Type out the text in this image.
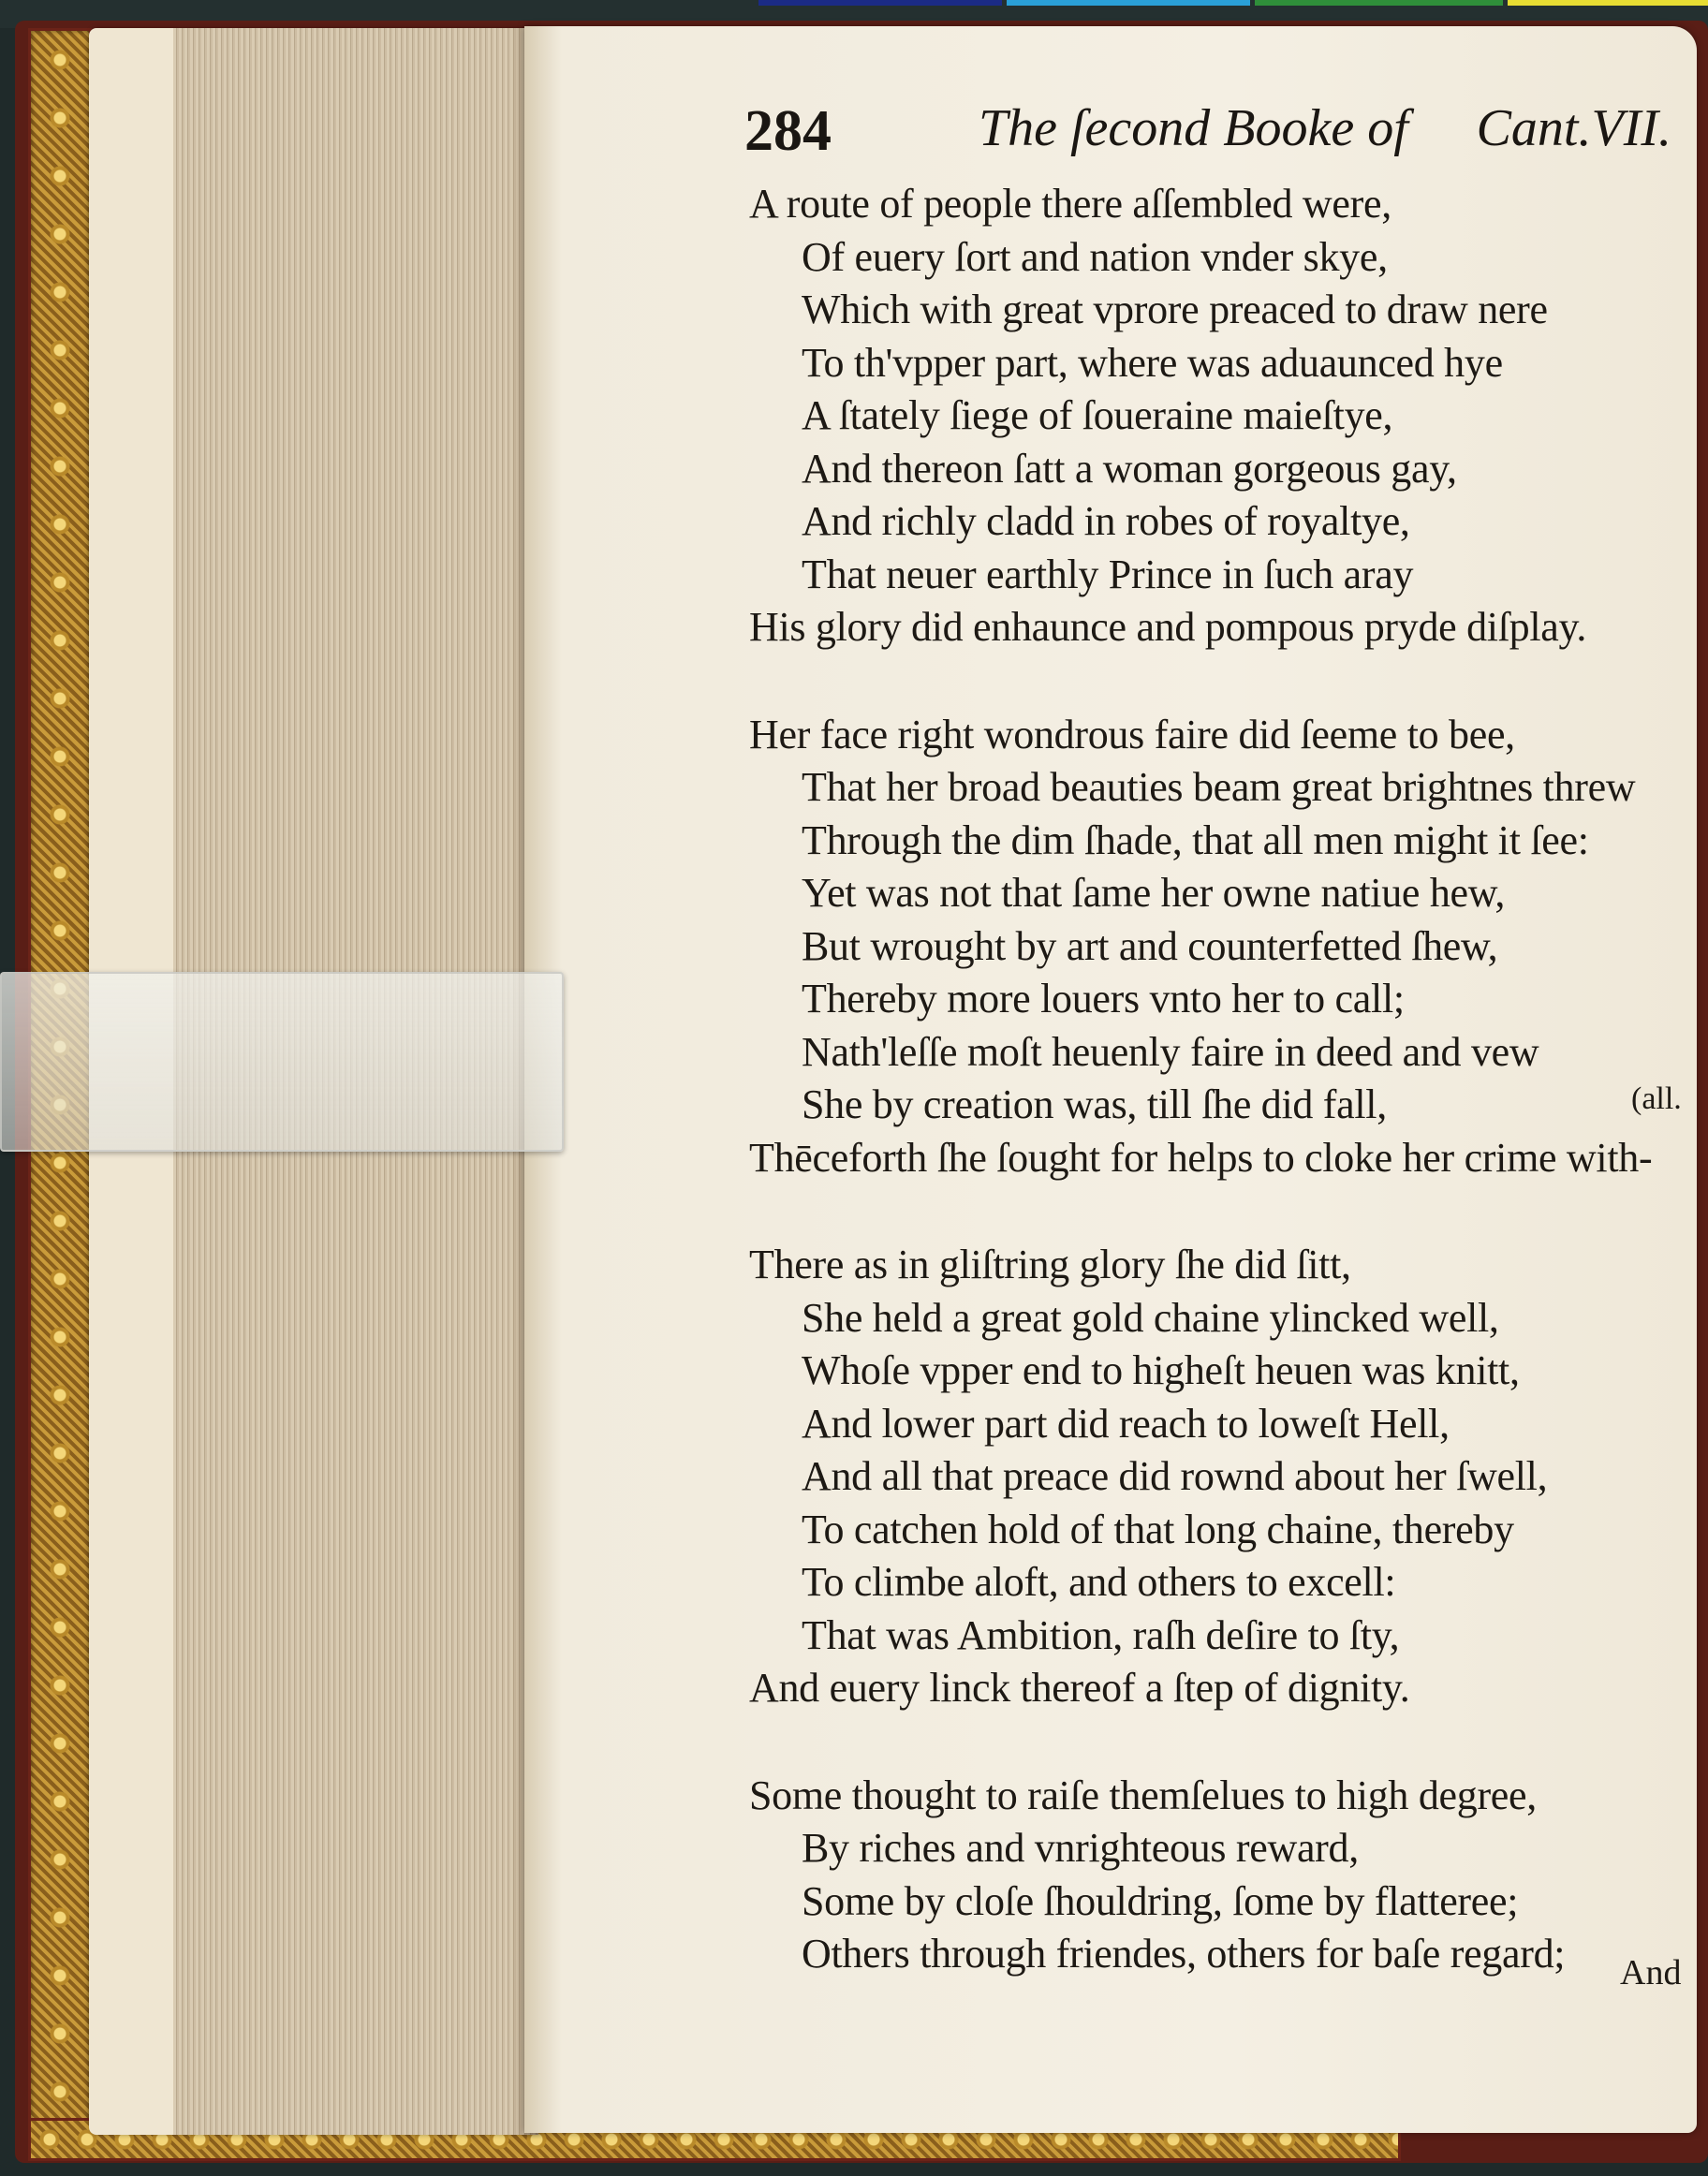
284	The ſecond Booke of Cant.VII.
A route of people there aſſembled were,
Of euery ſort and nation vnder skye,
Which with great vprore preaced to draw nere
To th'vpper part, where was aduaunced hye
A ſtately ſiege of ſoueraine maieſtye,
And thereon ſatt a woman gorgeous gay,
And richly cladd in robes of royaltye,
That neuer earthly Prince in ſuch aray
His glory did enhaunce and pompous pryde diſplay.
Her face right wondrous faire did ſeeme to bee,
That her broad beauties beam great brightnes threw
Through the dim ſhade, that all men might it ſee:
Yet was not that ſame her owne natiue hew,
But wrought by art and counterfetted ſhew,
Thereby more louers vnto her to call;
Nath'leſſe moſt heuenly faire in deed and vew
She by creation was, till ſhe did fall,
Thēceforth ſhe ſought for helps to cloke her crime with-
There as in gliſtring glory ſhe did ſitt,
She held a great gold chaine ylincked well,
Whoſe vpper end to higheſt heuen was knitt,
And lower part did reach to loweſt Hell,
And all that preace did rownd about her ſwell,
To catchen hold of that long chaine, thereby
To climbe aloft, and others to excell:
That was Ambition, raſh deſire to ſty,
And euery linck thereof a ſtep of dignity.
Some thought to raiſe themſelues to high degree,
By riches and vnrighteous reward,
Some by cloſe ſhouldring, ſome by flatteree;
Others through friendes, others for baſe regard;
(all.
And
